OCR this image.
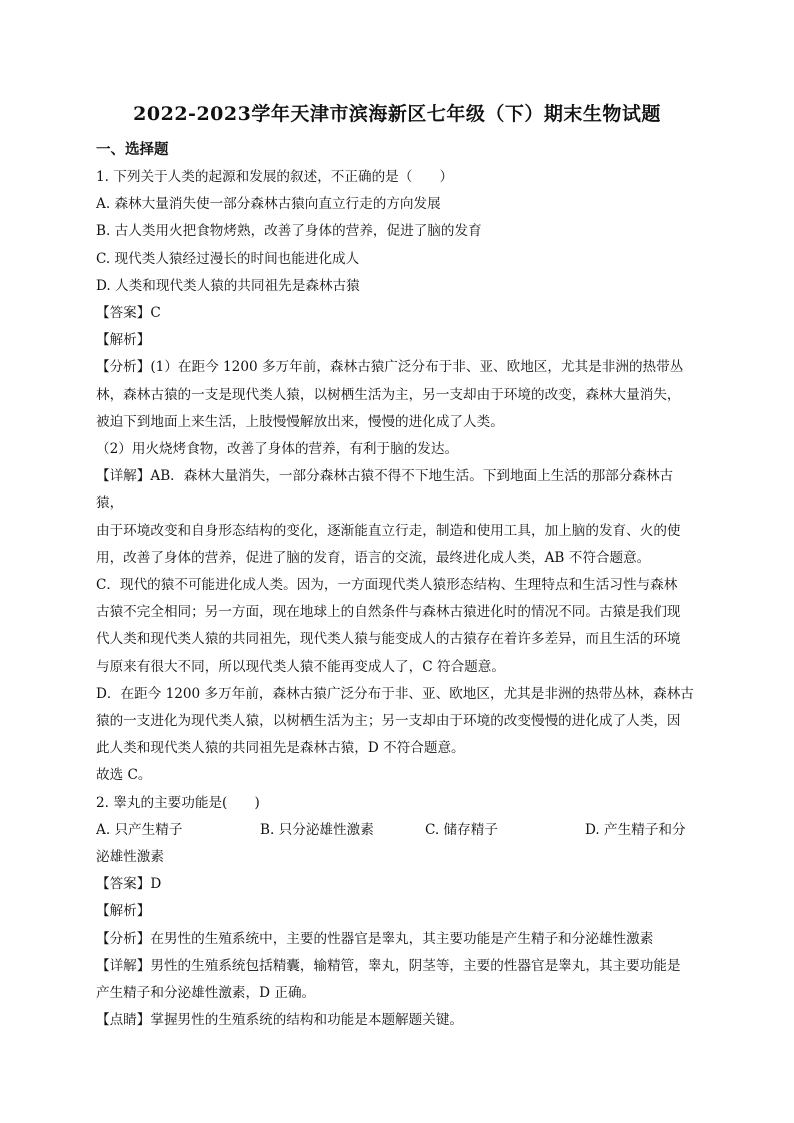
2022-2023学年天津市滨海新区七年级（下）期末生物试题
一、选择题

1. 下列关于人类的起源和发展的叙述，不正确的是（　　）

A. 森林大量消失使一部分森林古猿向直立行走的方向发展

B. 古人类用火把食物烤熟，改善了身体的营养，促进了脑的发育

C. 现代类人猿经过漫长的时间也能进化成人

D. 人类和现代类人猿的共同祖先是森林古猿

【答案】C

【解析】

【分析】(1）在距今 1200 多万年前，森林古猿广泛分布于非、亚、欧地区，尤其是非洲的热带丛

林，森林古猿的一支是现代类人猿，以树栖生活为主，另一支却由于环境的改变，森林大量消失，

被迫下到地面上来生活，上肢慢慢解放出来，慢慢的进化成了人类。

（2）用火烧烤食物，改善了身体的营养，有利于脑的发达。

【详解】AB．森林大量消失，一部分森林古猿不得不下地生活。下到地面上生活的那部分森林古猿，

由于环境改变和自身形态结构的变化，逐渐能直立行走，制造和使用工具，加上脑的发育、火的使

用，改善了身体的营养，促进了脑的发育，语言的交流，最终进化成人类，AB 不符合题意。

C．现代的猿不可能进化成人类。因为，一方面现代类人猿形态结构、生理特点和生活习性与森林

古猿不完全相同；另一方面，现在地球上的自然条件与森林古猿进化时的情况不同。古猿是我们现

代人类和现代类人猿的共同祖先，现代类人猿与能变成人的古猿存在着许多差异，而且生活的环境

与原来有很大不同，所以现代类人猿不能再变成人了，C 符合题意。

D．在距今 1200 多万年前，森林古猿广泛分布于非、亚、欧地区，尤其是非洲的热带丛林，森林古

猿的一支进化为现代类人猿，以树栖生活为主；另一支却由于环境的改变慢慢的进化成了人类，因

此人类和现代类人猿的共同祖先是森林古猿，D 不符合题意。

故选 C。

2. 睾丸的主要功能是(　　)

A. 只产生精子	B. 只分泌雄性激素	C. 储存精子	D. 产生精子和分

泌雄性激素

【答案】D

【解析】

【分析】在男性的生殖系统中，主要的性器官是睾丸，其主要功能是产生精子和分泌雄性激素

【详解】男性的生殖系统包括精囊，输精管，睾丸，阴茎等，主要的性器官是睾丸，其主要功能是

产生精子和分泌雄性激素，D 正确。

【点睛】掌握男性的生殖系统的结构和功能是本题解题关键。
